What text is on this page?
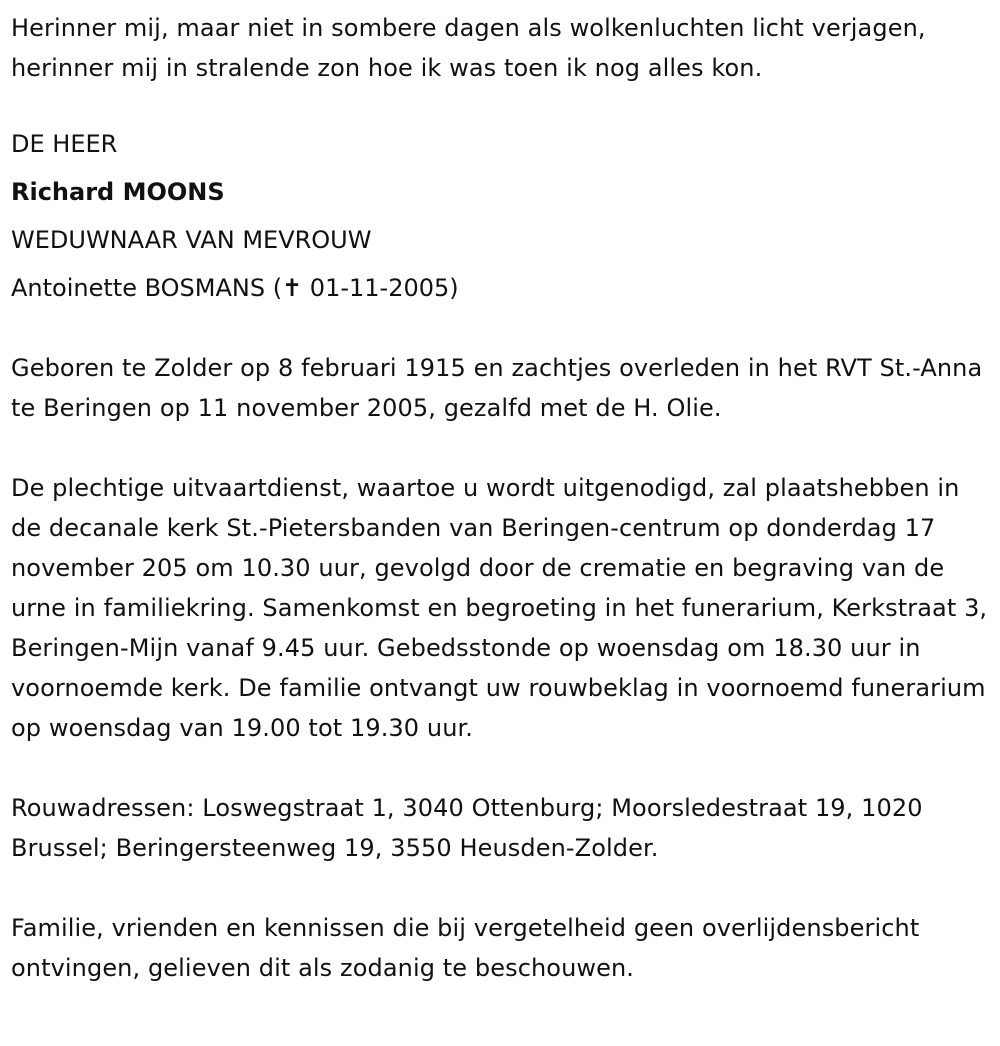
Herinner mij, maar niet in sombere dagen als wolkenluchten licht verjagen, herinner mij in stralende zon hoe ik was toen ik nog alles kon.

DE HEER
Richard MOONS
WEDUWNAAR VAN MEVROUW
Antoinette BOSMANS (✝ 01-11-2005)

Geboren te Zolder op 8 februari 1915 en zachtjes overleden in het RVT St.-Anna te Beringen op 11 november 2005, gezalfd met de H. Olie.

De plechtige uitvaartdienst, waartoe u wordt uitgenodigd, zal plaatshebben in de decanale kerk St.-Pietersbanden van Beringen-centrum op donderdag 17 november 205 om 10.30 uur, gevolgd door de crematie en begraving van de urne in familiekring. Samenkomst en begroeting in het funerarium, Kerkstraat 3, Beringen-Mijn vanaf 9.45 uur. Gebedsstonde op woensdag om 18.30 uur in voornoemde kerk. De familie ontvangt uw rouwbeklag in voornoemd funerarium op woensdag van 19.00 tot 19.30 uur.

Rouwadressen: Loswegstraat 1, 3040 Ottenburg; Moorsledestraat 19, 1020 Brussel; Beringersteenweg 19, 3550 Heusden-Zolder.

Familie, vrienden en kennissen die bij vergetelheid geen overlijdensbericht ontvingen, gelieven dit als zodanig te beschouwen.
